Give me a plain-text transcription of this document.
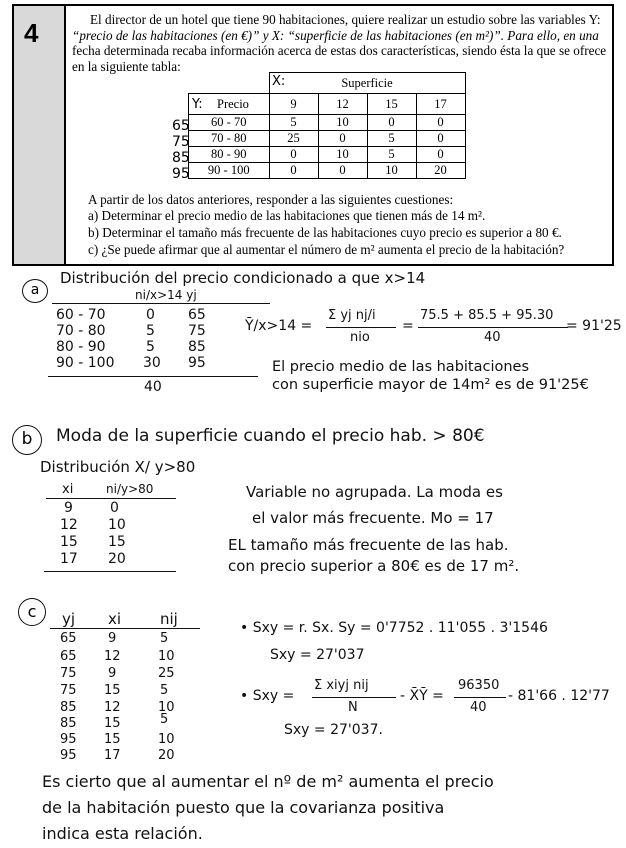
4	El director de un hotel que tiene 90 habitaciones, quiere realizar un estudio sobre las variables Y:
“precio de las habitaciones (en €)” y X: “superficie de las habitaciones (en m²)”. Para ello, en una
fecha determinada recaba información acerca de estas dos características, siendo ésta la que se ofrece
en la siguiente tabla:
X:
Y:
	Superficie			
Precio	9	12	15	17
60 - 70	5	10	0	0
70 - 80	25	0	5	0
80 - 90	0	10	5	0
90 - 100	0	0	10	20
65
75
85
95
A partir de los datos anteriores, responder a las siguientes cuestiones:
a) Determinar el precio medio de las habitaciones que tienen más de 14 m².
b) Determinar el tamaño más frecuente de las habitaciones cuyo precio es superior a 80 €.
c) ¿Se puede afirmar que al aumentar el número de m² aumenta el precio de la habitación?
a
Distribución del precio condicionado a que x>14
ni/x>14 yj
60 - 70	0 65
70 - 80	5 75
80 - 90	5 85
90 - 100 30 95
40
Ȳ/x>14 =
Σ yj nj/i
nio
=
75.5 + 85.5 + 95.30
40
= 91'25
El precio medio de las habitaciones
con superficie mayor de 14m² es de 91'25€
b	Moda de la superficie cuando el precio hab. > 80€
Distribución X/ y>80
xi	ni/y>80
9	0
12 10
15 15
17 20
Variable no agrupada. La moda es
el valor más frecuente. Mo = 17
EL tamaño más frecuente de las hab.
con precio superior a 80€ es de 17 m².
c	yj xi	nij
65 9	5
65 12	10
75 9	25
75 15	5
85 12	10
85 15	5
95 15	10
95 17	20
• Sxy = r. Sx. Sy = 0'7752 . 11'055 . 3'1546
Sxy = 27'037
• Sxy =
Σ xiyj nij
N
- X̄Ȳ =
96350
40
- 81'66 . 12'77
Sxy = 27'037.
Es cierto que al aumentar el nº de m² aumenta el precio
de la habitación puesto que la covarianza positiva
indica esta relación.
